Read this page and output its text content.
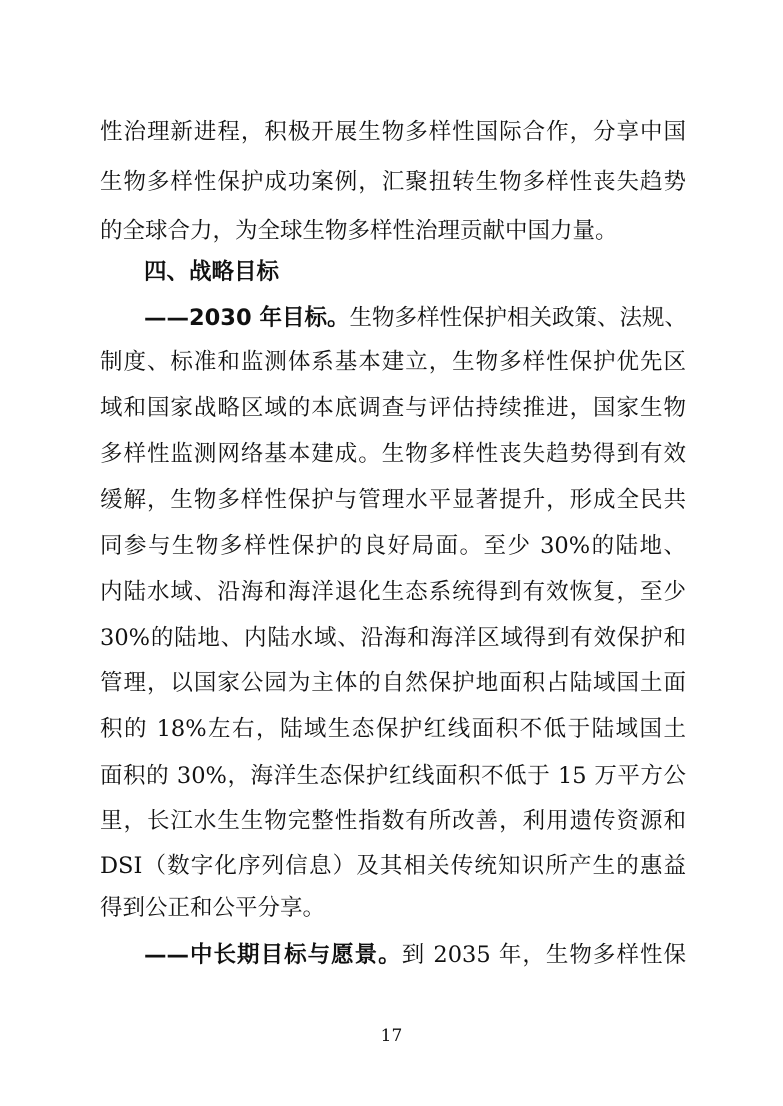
性治理新进程，积极开展生物多样性国际合作，分享中国
生物多样性保护成功案例，汇聚扭转生物多样性丧失趋势
的全球合力，为全球生物多样性治理贡献中国力量。
四、战略目标
——2030 年目标。生物多样性保护相关政策、法规、
制度、标准和监测体系基本建立，生物多样性保护优先区
域和国家战略区域的本底调查与评估持续推进，国家生物
多样性监测网络基本建成。生物多样性丧失趋势得到有效
缓解，生物多样性保护与管理水平显著提升，形成全民共
同参与生物多样性保护的良好局面。至少 30%的陆地、
内陆水域、沿海和海洋退化生态系统得到有效恢复，至少
30%的陆地、内陆水域、沿海和海洋区域得到有效保护和
管理，以国家公园为主体的自然保护地面积占陆域国土面
积的 18%左右，陆域生态保护红线面积不低于陆域国土
面积的 30%，海洋生态保护红线面积不低于 15 万平方公
里，长江水生生物完整性指数有所改善，利用遗传资源和
DSI（数字化序列信息）及其相关传统知识所产生的惠益
得到公正和公平分享。
——中长期目标与愿景。到 2035 年，生物多样性保
17
